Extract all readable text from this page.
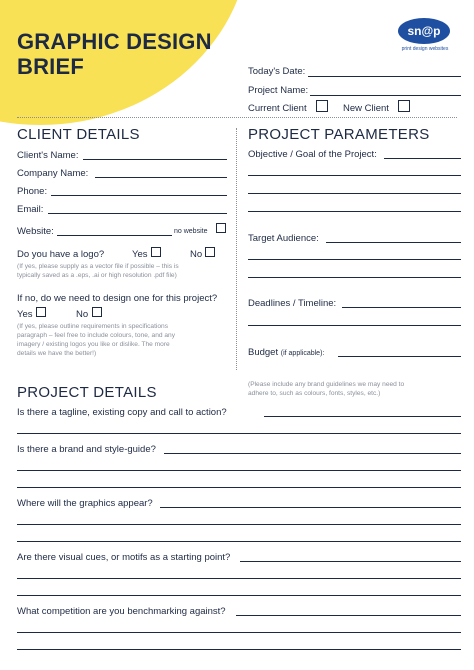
GRAPHIC DESIGN
BRIEF
sn@p
print design websites
Today's Date:
Project Name:
Current Client	New Client
CLIENT DETAILS
Client's Name:
Company Name:
Phone:
Email:
Website:	no website
Do you have a logo?	Yes	No
(If yes, please supply as a vector file if possible – this is
typically saved as a .eps, .ai or high resolution .pdf file)
If no, do we need to design one for this project?
Yes	No
(If yes, please outline requirements in specifications
paragraph – feel free to include colours, tone, and any
imagery / existing logos you like or dislike. The more
details we have the better!)
PROJECT PARAMETERS
Objective / Goal of the Project:
Target Audience:
Deadlines / Timeline:
Budget (if applicable):
(Please include any brand guidelines we may need to
adhere to, such as colours, fonts, styles, etc.)
PROJECT DETAILS
Is there a tagline, existing copy and call to action?
Is there a brand and style-guide?
Where will the graphics appear?
Are there visual cues, or motifs as a starting point?
What competition are you benchmarking against?
